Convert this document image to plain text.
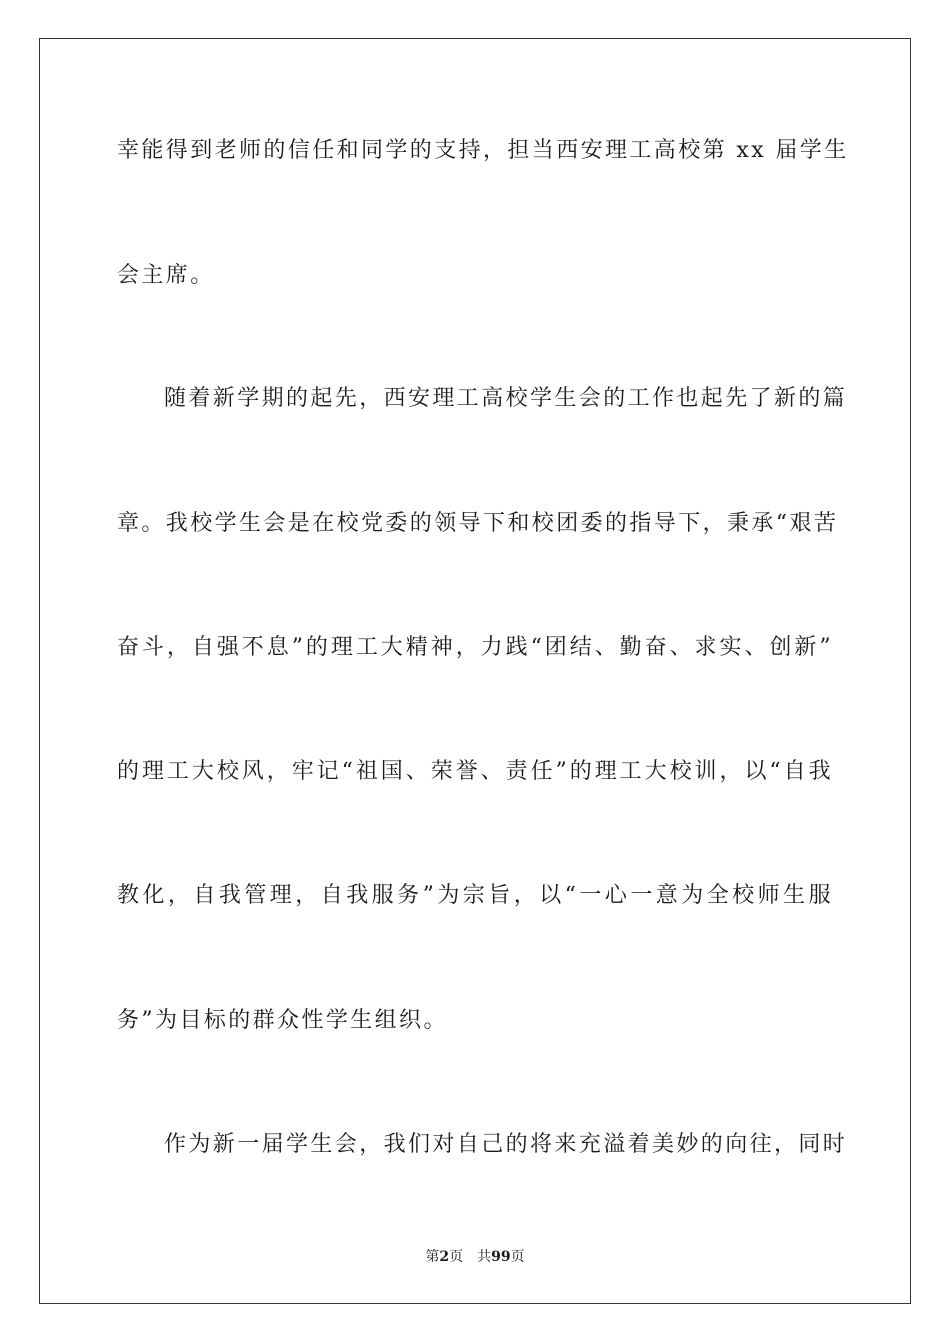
幸能得到老师的信任和同学的支持，担当西安理工高校第 xx 届学生
会主席。
随着新学期的起先，西安理工高校学生会的工作也起先了新的篇
章。我校学生会是在校党委的领导下和校团委的指导下，秉承“艰苦
奋斗，自强不息”的理工大精神，力践“团结、勤奋、求实、创新”
的理工大校风，牢记“祖国、荣誉、责任”的理工大校训，以“自我
教化，自我管理，自我服务”为宗旨，以“一心一意为全校师生服
务”为目标的群众性学生组织。
作为新一届学生会，我们对自己的将来充溢着美妙的向往，同时
第2页 共99页
